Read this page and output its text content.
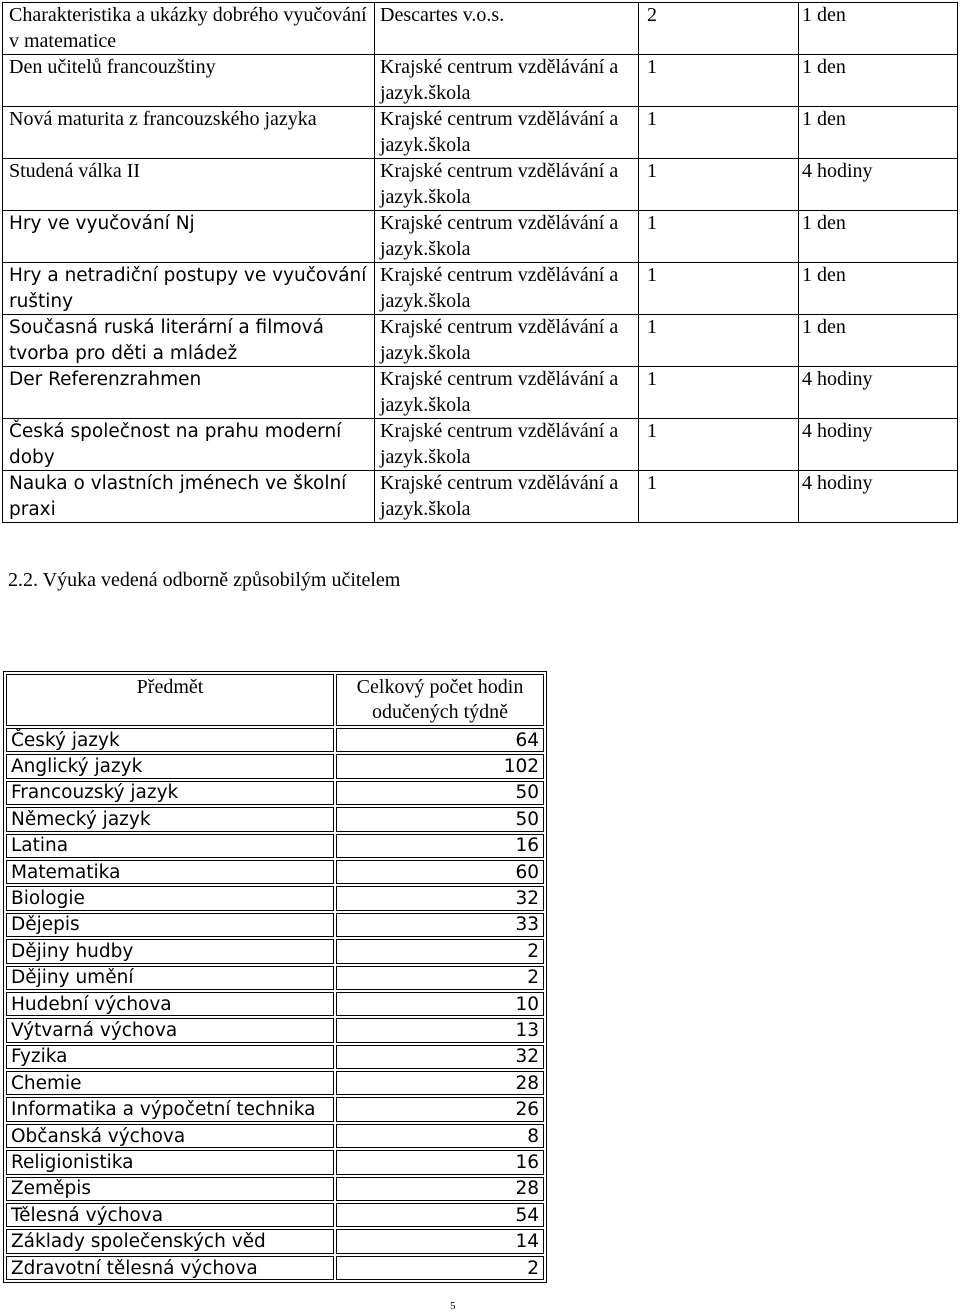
Charakteristika a ukázky dobrého vyučování v matematice	Descartes v.o.s.	2	1 den
Den učitelů francouzštiny	Krajské centrum vzdělávání a jazyk.škola	1	1 den
Nová maturita z francouzského jazyka	Krajské centrum vzdělávání a jazyk.škola	1	1 den
Studená válka II	Krajské centrum vzdělávání a jazyk.škola	1	4 hodiny
Hry ve vyučování Nj	Krajské centrum vzdělávání a jazyk.škola	1	1 den
Hry a netradiční postupy ve vyučování ruštiny	Krajské centrum vzdělávání a jazyk.škola	1	1 den
Současná ruská literární a filmová tvorba pro děti a mládež	Krajské centrum vzdělávání a jazyk.škola	1	1 den
Der Referenzrahmen	Krajské centrum vzdělávání a jazyk.škola	1	4 hodiny
Česká společnost na prahu moderní doby	Krajské centrum vzdělávání a jazyk.škola	1	4 hodiny
Nauka o vlastních jménech ve školní praxi	Krajské centrum vzdělávání a jazyk.škola	1	4 hodiny
2.2. Výuka vedená odborně způsobilým učitelem
Předmět	Celkový počet hodin odučených týdně
Český jazyk	64
Anglický jazyk	102
Francouzský jazyk	50
Německý jazyk	50
Latina	16
Matematika	60
Biologie	32
Dějepis	33
Dějiny hudby	2
Dějiny umění	2
Hudební výchova	10
Výtvarná výchova	13
Fyzika	32
Chemie	28
Informatika a výpočetní technika	26
Občanská výchova	8
Religionistika	16
Zeměpis	28
Tělesná výchova	54
Základy společenských věd	14
Zdravotní tělesná výchova	2
5
